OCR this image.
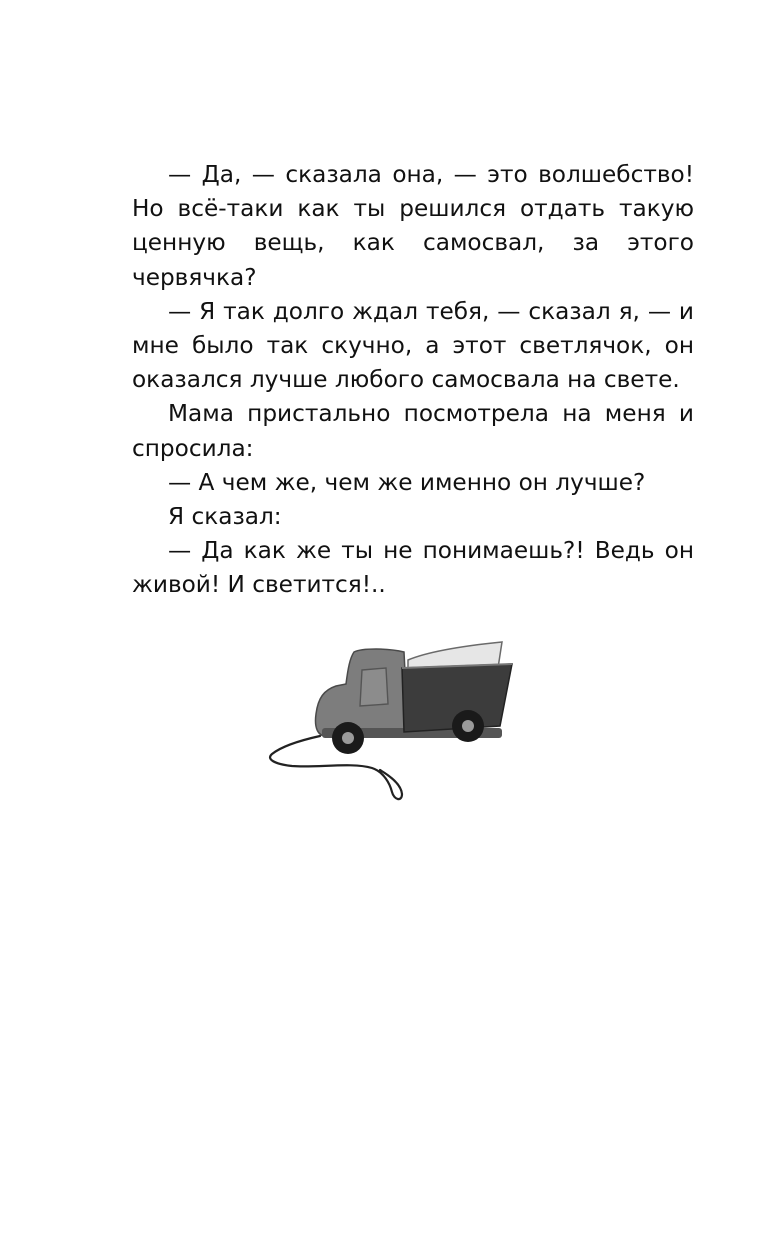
— Да, — сказала она, — это волшебство! Но всё-таки как ты решился отдать такую ценную вещь, как самосвал, за этого червячка?

— Я так долго ждал тебя, — сказал я, — и мне было так скучно, а этот светлячок, он оказался лучше любого самосвала на свете.

Мама пристально посмотрела на меня и спросила:

— А чем же, чем же именно он лучше?

Я сказал:

— Да как же ты не понимаешь?! Ведь он живой! И светится!..
